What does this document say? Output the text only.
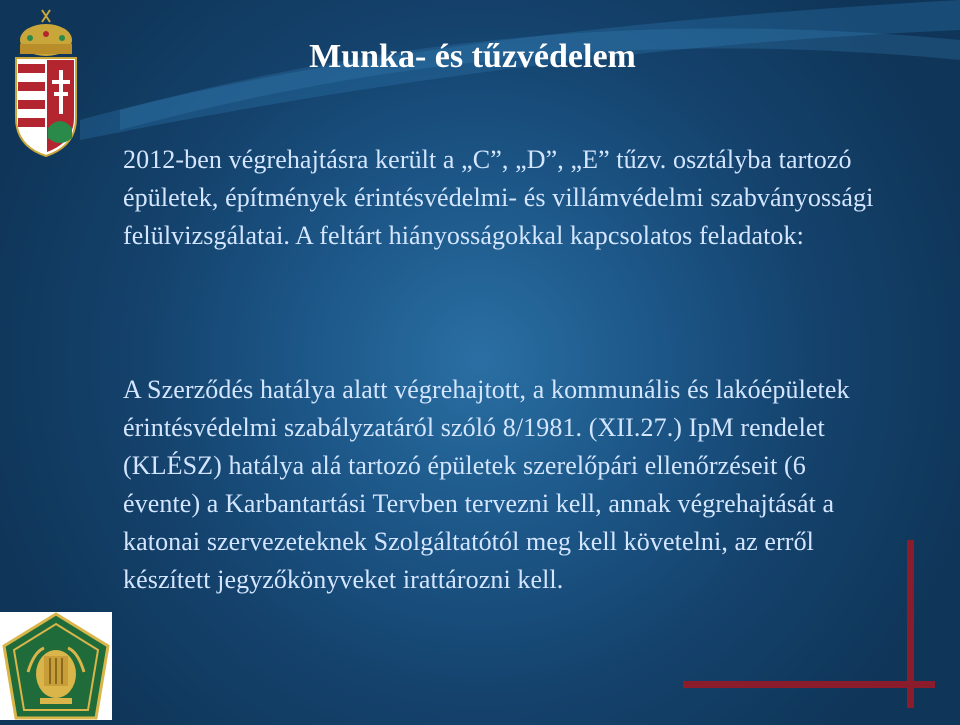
Munka- és tűzvédelem
2012-ben végrehajtásra került a „C”, „D”, „E” tűzv. osztályba tartozó épületek, építmények érintésvédelmi- és villámvédelmi szabványossági felülvizsgálatai. A feltárt hiányosságokkal kapcsolatos feladatok:
A Szerződés hatálya alatt végrehajtott, a kommunális és lakóépületek érintésvédelmi szabályzatáról szóló 8/1981. (XII.27.) IpM rendelet (KLÉSZ) hatálya alá tartozó épületek szerelőpári ellenőrzéseit (6 évente) a Karbantartási Tervben tervezni kell, annak végrehajtását a katonai szervezeteknek Szolgáltatótól meg kell követelni, az erről készített jegyzőkönyveket irattározni kell.
